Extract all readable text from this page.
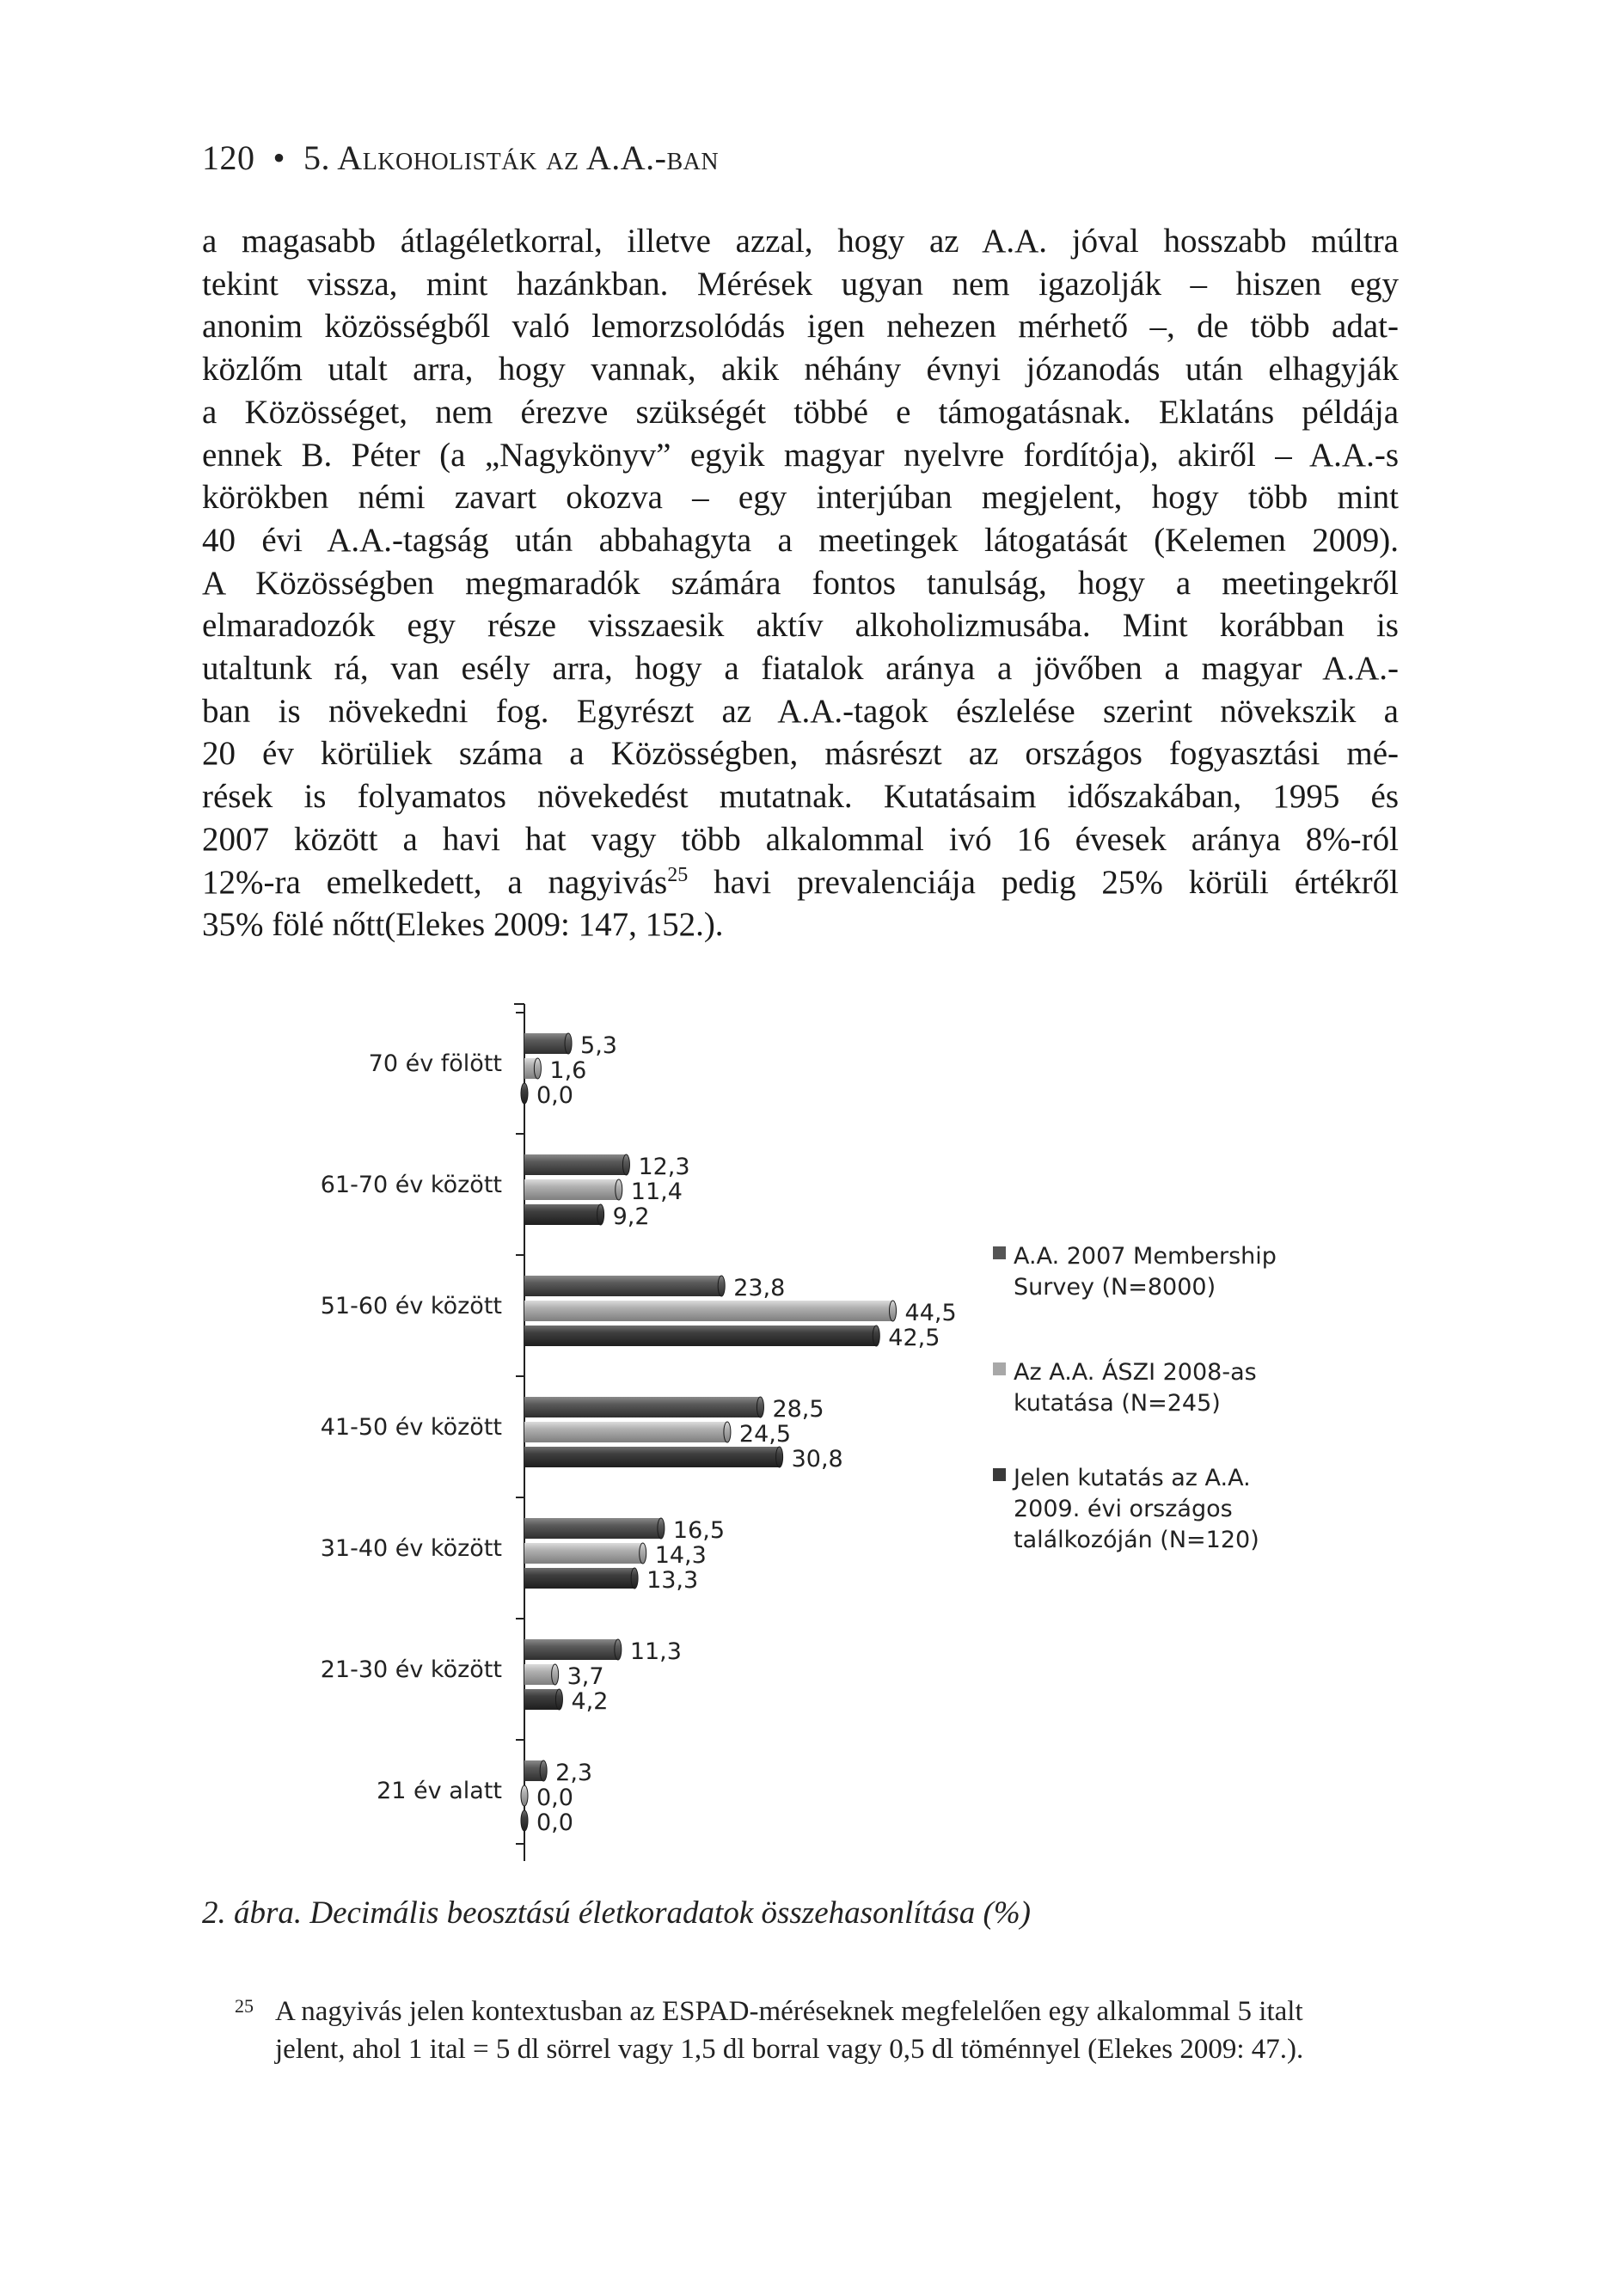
120 • 5. Alkoholisták az A.A.-ban
a magasabb átlagéletkorral, illetve azzal, hogy az A.A. jóval hosszabb múltra
tekint vissza, mint hazánkban. Mérések ugyan nem igazolják – hiszen egy
anonim közösségből való lemorzsolódás igen nehezen mérhető –, de több adat-
közlőm utalt arra, hogy vannak, akik néhány évnyi józanodás után elhagyják
a Közösséget, nem érezve szükségét többé e támogatásnak. Eklatáns példája
ennek B. Péter (a „Nagykönyv” egyik magyar nyelvre fordítója), akiről – A.A.-s
körökben némi zavart okozva – egy interjúban megjelent, hogy több mint
40 évi A.A.-tagság után abbahagyta a meetingek látogatását (Kelemen 2009).
A Közösségben megmaradók számára fontos tanulság, hogy a meetingekről
elmaradozók egy része visszaesik aktív alkoholizmusába. Mint korábban is
utaltunk rá, van esély arra, hogy a fiatalok aránya a jövőben a magyar A.A.-
ban is növekedni fog. Egyrészt az A.A.-tagok észlelése szerint növekszik a
20 év körüliek száma a Közösségben, másrészt az országos fogyasztási mé-
rések is folyamatos növekedést mutatnak. Kutatásaim időszakában, 1995 és
2007 között a havi hat vagy több alkalommal ivó 16 évesek aránya 8%-ról
12%-ra emelkedett, a nagyivás$^{25}$ havi prevalenciája pedig 25% körüli értékről
35% fölé nőtt(Elekes 2009: 147, 152.).
70 év fölött
5,3
1,6
0,0
61-70 év között
12,3
11,4
9,2
51-60 év között
23,8
44,5
42,5
41-50 év között
28,5
24,5
30,8
31-40 év között
16,5
14,3
13,3
21-30 év között
11,3
3,7
4,2
21 év alatt
2,3
0,0
0,0
A.A. 2007 Membership
Survey (N=8000)
Az A.A. ÁSZI 2008-as
kutatása (N=245)
Jelen kutatás az A.A.
2009. évi országos
találkozóján (N=120)
2. ábra. Decimális beosztású életkoradatok összehasonlítása (%)
25 A nagyivás jelen kontextusban az ESPAD-méréseknek megfelelően egy alkalommal 5 italt
jelent, ahol 1 ital = 5 dl sörrel vagy 1,5 dl borral vagy 0,5 dl töménnyel (Elekes 2009: 47.).
